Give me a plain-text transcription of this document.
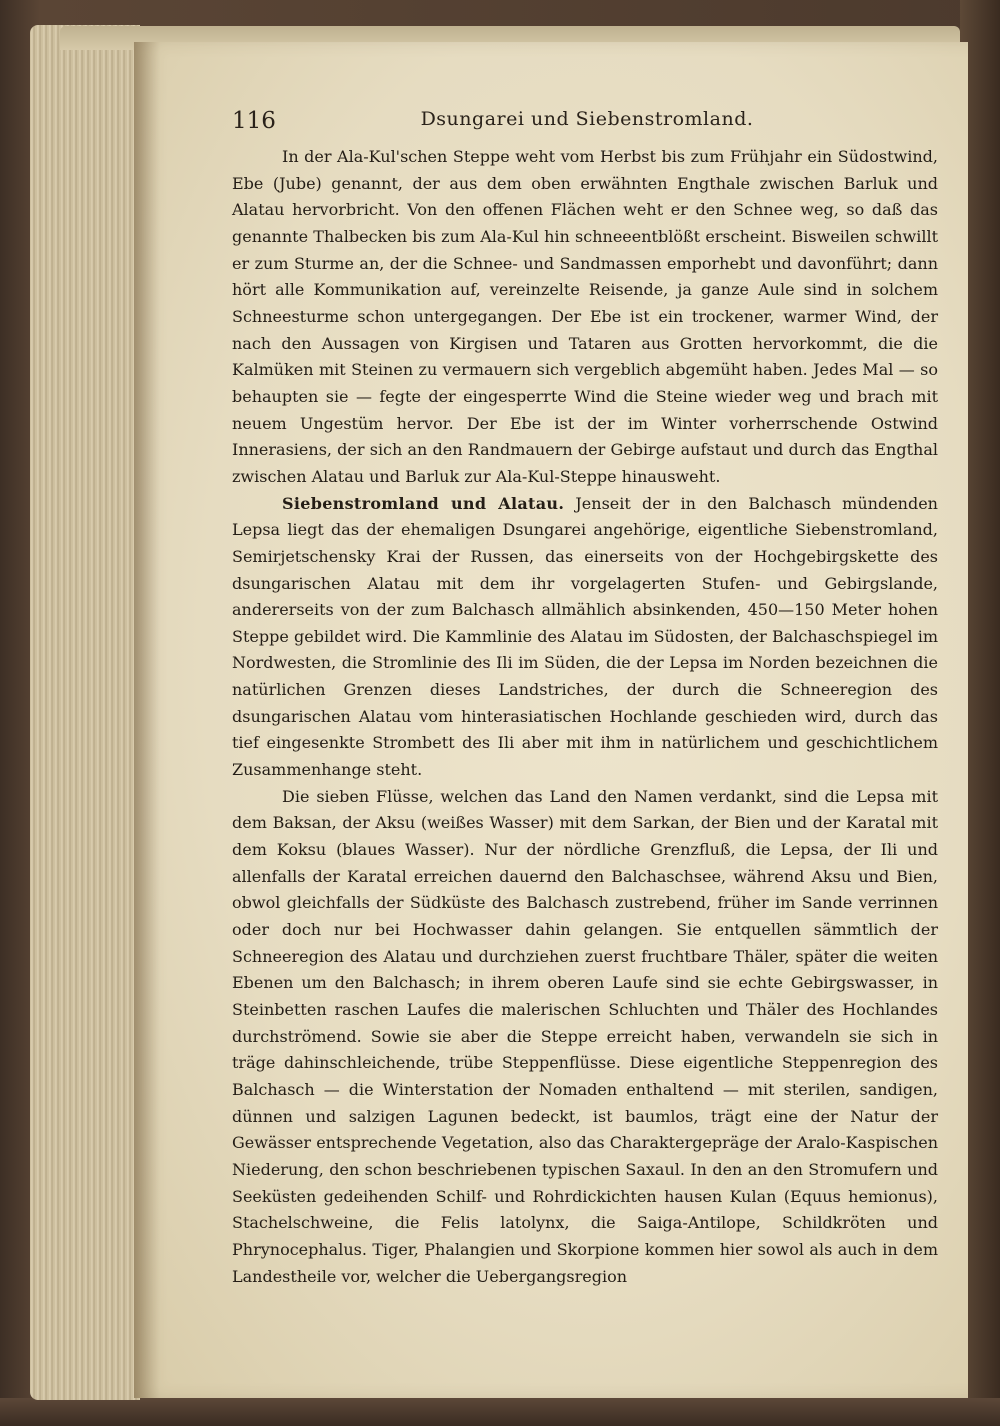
116	Dsungarei und Siebenstromland.

In der Ala-Kul'schen Steppe weht vom Herbst bis zum Frühjahr ein Südostwind, Ebe (Jube) genannt, der aus dem oben erwähnten Engthale zwischen Barluk und Alatau hervorbricht. Von den offenen Flächen weht er den Schnee weg, so daß das genannte Thalbecken bis zum Ala-Kul hin schneeentblößt erscheint. Bisweilen schwillt er zum Sturme an, der die Schnee- und Sandmassen emporhebt und davonführt; dann hört alle Kommunikation auf, vereinzelte Reisende, ja ganze Aule sind in solchem Schneesturme schon untergegangen. Der Ebe ist ein trockener, warmer Wind, der nach den Aussagen von Kirgisen und Tataren aus Grotten hervorkommt, die die Kalmüken mit Steinen zu vermauern sich vergeblich abgemüht haben. Jedes Mal — so behaupten sie — fegte der eingesperrte Wind die Steine wieder weg und brach mit neuem Ungestüm hervor. Der Ebe ist der im Winter vorherrschende Ostwind Innerasiens, der sich an den Randmauern der Gebirge aufstaut und durch das Engthal zwischen Alatau und Barluk zur Ala-Kul-Steppe hinausweht.

Siebenstromland und Alatau. Jenseit der in den Balchasch mündenden Lepsa liegt das der ehemaligen Dsungarei angehörige, eigentliche Siebenstromland, Semirjetschensky Krai der Russen, das einerseits von der Hochgebirgskette des dsungarischen Alatau mit dem ihr vorgelagerten Stufen- und Gebirgslande, andererseits von der zum Balchasch allmählich absinkenden, 450—150 Meter hohen Steppe gebildet wird. Die Kammlinie des Alatau im Südosten, der Balchaschspiegel im Nordwesten, die Stromlinie des Ili im Süden, die der Lepsa im Norden bezeichnen die natürlichen Grenzen dieses Landstriches, der durch die Schneeregion des dsungarischen Alatau vom hinterasiatischen Hochlande geschieden wird, durch das tief eingesenkte Strombett des Ili aber mit ihm in natürlichem und geschichtlichem Zusammenhange steht.

Die sieben Flüsse, welchen das Land den Namen verdankt, sind die Lepsa mit dem Baksan, der Aksu (weißes Wasser) mit dem Sarkan, der Bien und der Karatal mit dem Koksu (blaues Wasser). Nur der nördliche Grenzfluß, die Lepsa, der Ili und allenfalls der Karatal erreichen dauernd den Balchaschsee, während Aksu und Bien, obwol gleichfalls der Südküste des Balchasch zustrebend, früher im Sande verrinnen oder doch nur bei Hochwasser dahin gelangen. Sie entquellen sämmtlich der Schneeregion des Alatau und durchziehen zuerst fruchtbare Thäler, später die weiten Ebenen um den Balchasch; in ihrem oberen Laufe sind sie echte Gebirgswasser, in Steinbetten raschen Laufes die malerischen Schluchten und Thäler des Hochlandes durchströmend. Sowie sie aber die Steppe erreicht haben, verwandeln sie sich in träge dahinschleichende, trübe Steppenflüsse. Diese eigentliche Steppenregion des Balchasch — die Winterstation der Nomaden enthaltend — mit sterilen, sandigen, dünnen und salzigen Lagunen bedeckt, ist baumlos, trägt eine der Natur der Gewässer entsprechende Vegetation, also das Charaktergepräge der Aralo-Kaspischen Niederung, den schon beschriebenen typischen Saxaul. In den an den Stromufern und Seeküsten gedeihenden Schilf- und Rohrdickichten hausen Kulan (Equus hemionus), Stachelschweine, die Felis latolynx, die Saiga-Antilope, Schildkröten und Phrynocephalus. Tiger, Phalangien und Skorpione kommen hier sowol als auch in dem Landestheile vor, welcher die Uebergangsregion
